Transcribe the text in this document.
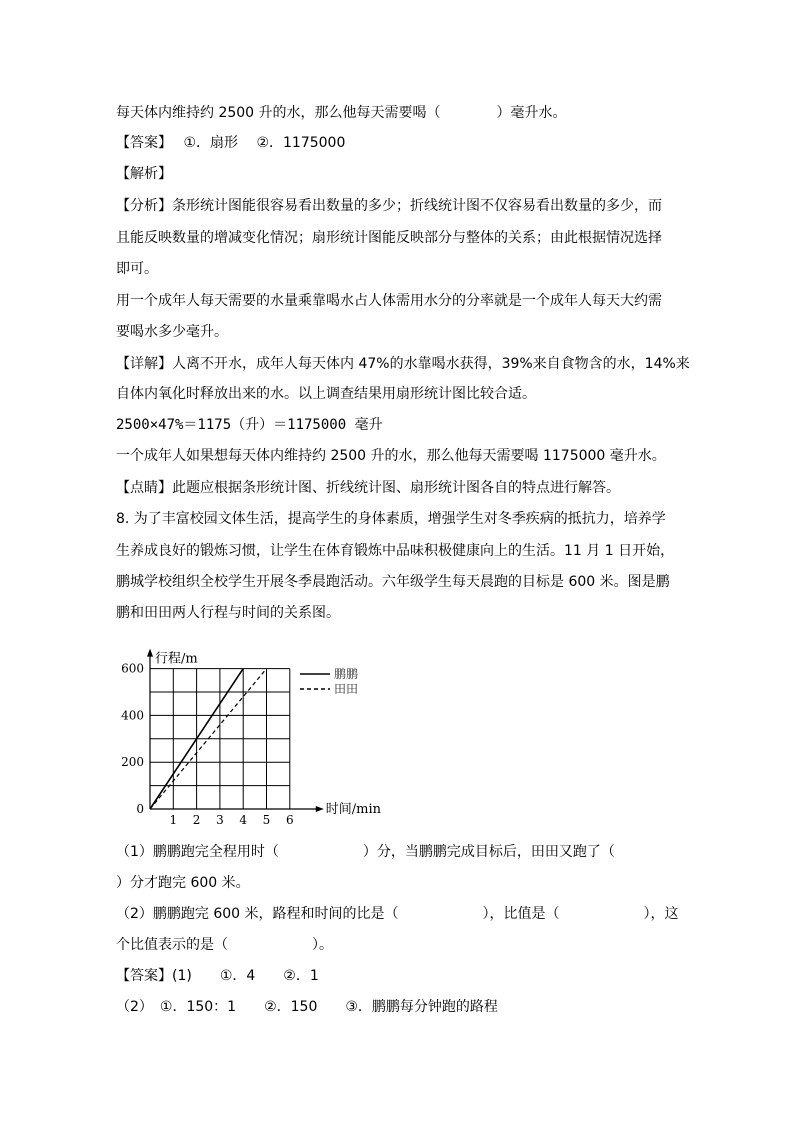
每天体内维持约 2500 升的水，那么他每天需要喝（　　　　）毫升水。
【答案】　 ①．扇形　 ②．1175000
【解析】
【分析】条形统计图能很容易看出数量的多少；折线统计图不仅容易看出数量的多少，而
且能反映数量的增减变化情况；扇形统计图能反映部分与整体的关系；由此根据情况选择
即可。
用一个成年人每天需要的水量乘靠喝水占人体需用水分的分率就是一个成年人每天大约需
要喝水多少毫升。
【详解】人离不开水，成年人每天体内 47%的水靠喝水获得，39%来自食物含的水，14%来
自体内氧化时释放出来的水。以上调查结果用扇形统计图比较合适。
2500×47%＝1175（升）＝1175000 毫升
一个成年人如果想每天体内维持约 2500 升的水，那么他每天需要喝 1175000 毫升水。
【点睛】此题应根据条形统计图、折线统计图、扇形统计图各自的特点进行解答。
8. 为了丰富校园文体生活，提高学生的身体素质，增强学生对冬季疾病的抵抗力，培养学
生养成良好的锻炼习惯，让学生在体育锻炼中品味积极健康向上的生活。11 月 1 日开始，
鹏城学校组织全校学生开展冬季晨跑活动。六年级学生每天晨跑的目标是 600 米。图是鹏
鹏和田田两人行程与时间的关系图。
1 2 3 4 5 6
0
200
400
600
行程/m
时间/min
鹏鹏
田田
（1）鹏鹏跑完全程用时（　　　　　　）分，当鹏鹏完成目标后，田田又跑了（
）分才跑完 600 米。
（2）鹏鹏跑完 600 米，路程和时间的比是（　　　　　　），比值是（　　　　　　），这
个比值表示的是（　　　　　　）。
【答案】(1)　　①．4　　②．1
（2）　①．150：1　　②．150　　③．鹏鹏每分钟跑的路程
